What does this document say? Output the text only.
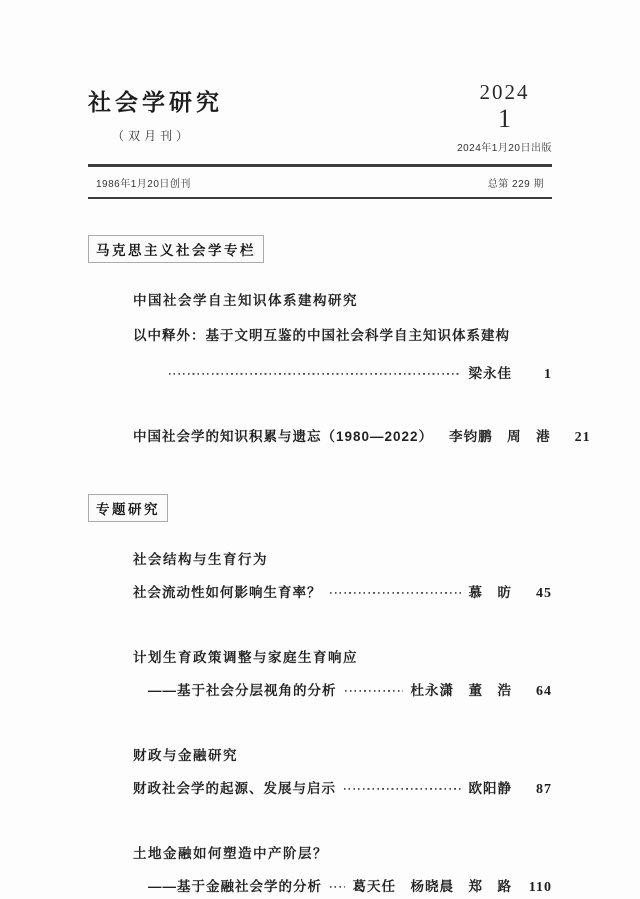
社会学研究
（双月刊）
2024
1
2024年1月20日出版
1986年1月20日创刊	总第 229 期
马克思主义社会学专栏
中国社会学自主知识体系建构研究
以中释外：基于文明互鉴的中国社会科学自主知识体系建构
梁永佳	1
中国社会学的知识积累与遗忘（1980—2022） 李钧鹏　周　港	21
专题研究
社会结构与生育行为
社会流动性如何影响生育率？	慕　昉	45
计划生育政策调整与家庭生育响应
——基于社会分层视角的分析	杜永潇　董　浩	64
财政与金融研究
财政社会学的起源、发展与启示	欧阳静	87
土地金融如何塑造中产阶层？
——基于金融社会学的分析 葛天任　杨晓晨　郑　路 110
